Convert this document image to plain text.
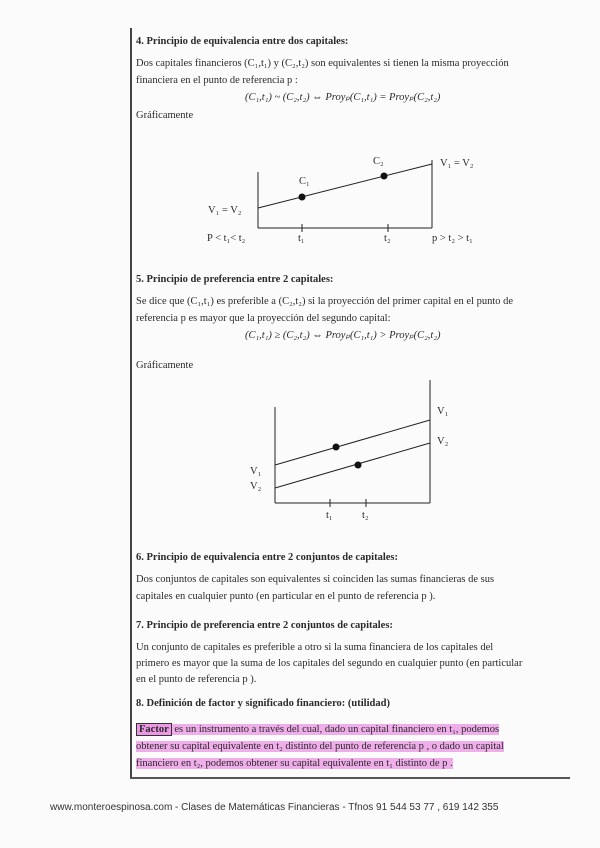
4. Principio de equivalencia entre dos capitales:
Dos capitales financieros (C₁,t₁) y (C₂,t₂) son equivalentes si tienen la misma proyección
financiera en el punto de referencia p :
(C₁,t₁) ~ (C₂,t₂) ⇔ Proyₚ(C₁,t₁) = Proyₚ(C₂,t₂)
Gráficamente
C₁
C₂
V₁ = V₂
V₁ = V₂
P < t₁< t₂	t₁	t₂	p > t₂ > t₁
5. Principio de preferencia entre 2 capitales:
Se dice que (C₁,t₁) es preferible a (C₂,t₂) si la proyección del primer capital en el punto de
referencia p es mayor que la proyección del segundo capital:
(C₁,t₁) ≥ (C₂,t₂) ⇔ Proyₚ(C₁,t₁) > Proyₚ(C₂,t₂)
Gráficamente
V₁
V₂
V₁
V₂
t₁	t₂
6. Principio de equivalencia entre 2 conjuntos de capitales:
Dos conjuntos de capitales son equivalentes si coinciden las sumas financieras de sus
capitales en cualquier punto (en particular en el punto de referencia p ).
7. Principio de preferencia entre 2 conjuntos de capitales:
Un conjunto de capitales es preferible a otro si la suma financiera de los capitales del
primero es mayor que la suma de los capitales del segundo en cualquier punto (en particular
en el punto de referencia p ).
8. Definición de factor y significado financiero: (utilidad)
Factor es un instrumento a través del cual, dado un capital financiero en t₁, podemos
obtener su capital equivalente en t₂ distinto del punto de referencia p , o dado un capital
financiero en t₂, podemos obtener su capital equivalente en t₁ distinto de p .
www.monteroespinosa.com - Clases de Matemáticas Financieras - Tfnos 91 544 53 77 , 619 142 355
